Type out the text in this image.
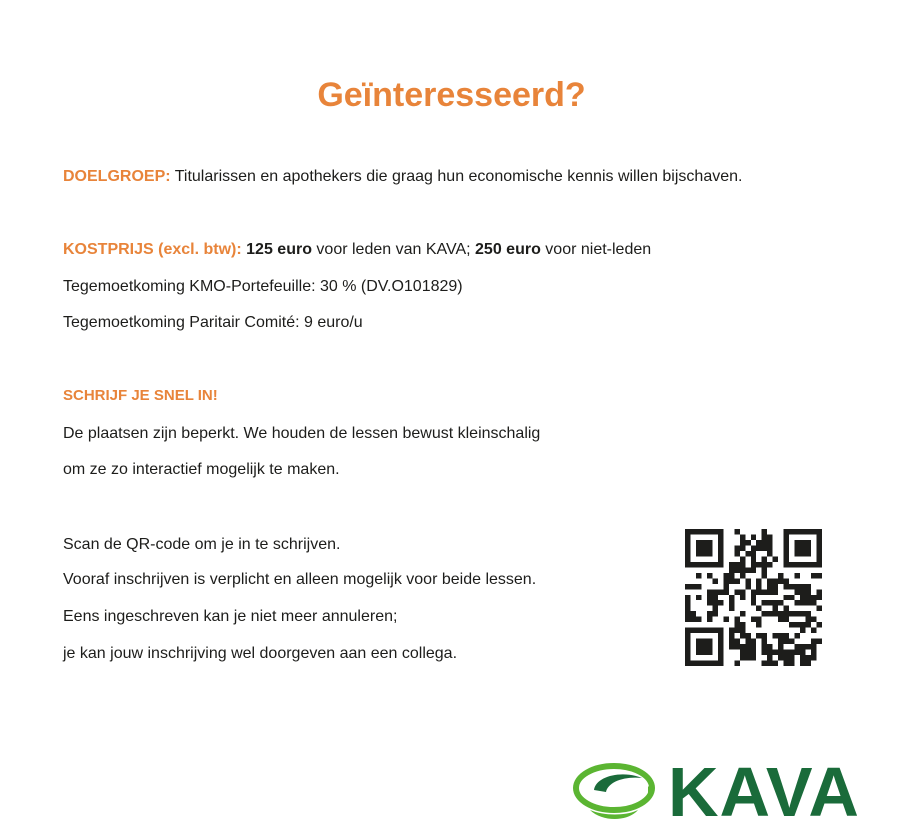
Geïnteresseerd?
DOELGROEP: Titularissen en apothekers die graag hun economische kennis willen bijschaven.
KOSTPRIJS (excl. btw): 125 euro voor leden van KAVA; 250 euro voor niet-leden
Tegemoetkoming KMO-Portefeuille: 30 % (DV.O101829)
Tegemoetkoming Paritair Comité: 9 euro/u
SCHRIJF JE SNEL IN!
De plaatsen zijn beperkt. We houden de lessen bewust kleinschalig
om ze zo interactief mogelijk te maken.
Scan de QR-code om je in te schrijven.
Vooraf inschrijven is verplicht en alleen mogelijk voor beide lessen.
Eens ingeschreven kan je niet meer annuleren;
je kan jouw inschrijving wel doorgeven aan een collega.
KAVA
